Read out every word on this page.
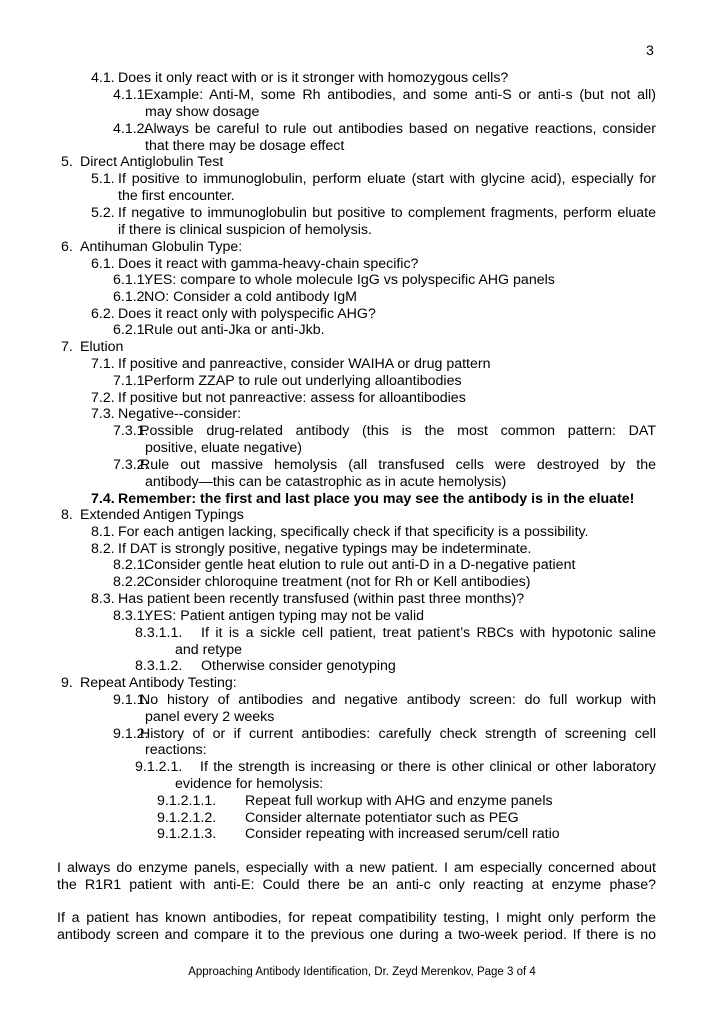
3
4.1. Does it only react with or is it stronger with homozygous cells?
4.1.1.
Example: Anti-M, some Rh antibodies, and some anti-S or anti-s (but not all)
may show dosage
4.1.2.
Always be careful to rule out antibodies based on negative reactions, consider
that there may be dosage effect
5. Direct Antiglobulin Test
5.1. If positive to immunoglobulin, perform eluate (start with glycine acid), especially for
the first encounter.
5.2. If negative to immunoglobulin but positive to complement fragments, perform eluate
if there is clinical suspicion of hemolysis.
6. Antihuman Globulin Type:
6.1. Does it react with gamma-heavy-chain specific?
6.1.1.
YES: compare to whole molecule IgG vs polyspecific AHG panels
6.1.2.
NO: Consider a cold antibody IgM
6.2. Does it react only with polyspecific AHG?
6.2.1.
Rule out anti-Jka or anti-Jkb.
7. Elution
7.1. If positive and panreactive, consider WAIHA or drug pattern
7.1.1.
Perform ZZAP to rule out underlying alloantibodies
7.2. If positive but not panreactive: assess for alloantibodies
7.3. Negative--consider:
7.3.1.
Possible drug-related antibody (this is the most common pattern: DAT
positive, eluate negative)
7.3.2.
Rule out massive hemolysis (all transfused cells were destroyed by the
antibody—this can be catastrophic as in acute hemolysis)
7.4. Remember: the first and last place you may see the antibody is in the eluate!
8. Extended Antigen Typings
8.1. For each antigen lacking, specifically check if that specificity is a possibility.
8.2. If DAT is strongly positive, negative typings may be indeterminate.
8.2.1.
Consider gentle heat elution to rule out anti-D in a D-negative patient
8.2.2.
Consider chloroquine treatment (not for Rh or Kell antibodies)
8.3. Has patient been recently transfused (within past three months)?
8.3.1.
YES: Patient antigen typing may not be valid
8.3.1.1. If it is a sickle cell patient, treat patient’s RBCs with hypotonic saline
and retype
8.3.1.2. Otherwise consider genotyping
9. Repeat Antibody Testing:
9.1.1.
No history of antibodies and negative antibody screen: do full workup with
panel every 2 weeks
9.1.2.
History of or if current antibodies: carefully check strength of screening cell
reactions:
9.1.2.1. If the strength is increasing or there is other clinical or other laboratory
evidence for hemolysis:
9.1.2.1.1. Repeat full workup with AHG and enzyme panels
9.1.2.1.2. Consider alternate potentiator such as PEG
9.1.2.1.3. Consider repeating with increased serum/cell ratio
I always do enzyme panels, especially with a new patient. I am especially concerned about
the R1R1 patient with anti-E: Could there be an anti-c only reacting at enzyme phase?
If a patient has known antibodies, for repeat compatibility testing, I might only perform the
antibody screen and compare it to the previous one during a two-week period. If there is no
Approaching Antibody Identification, Dr. Zeyd Merenkov, Page 3 of 4
